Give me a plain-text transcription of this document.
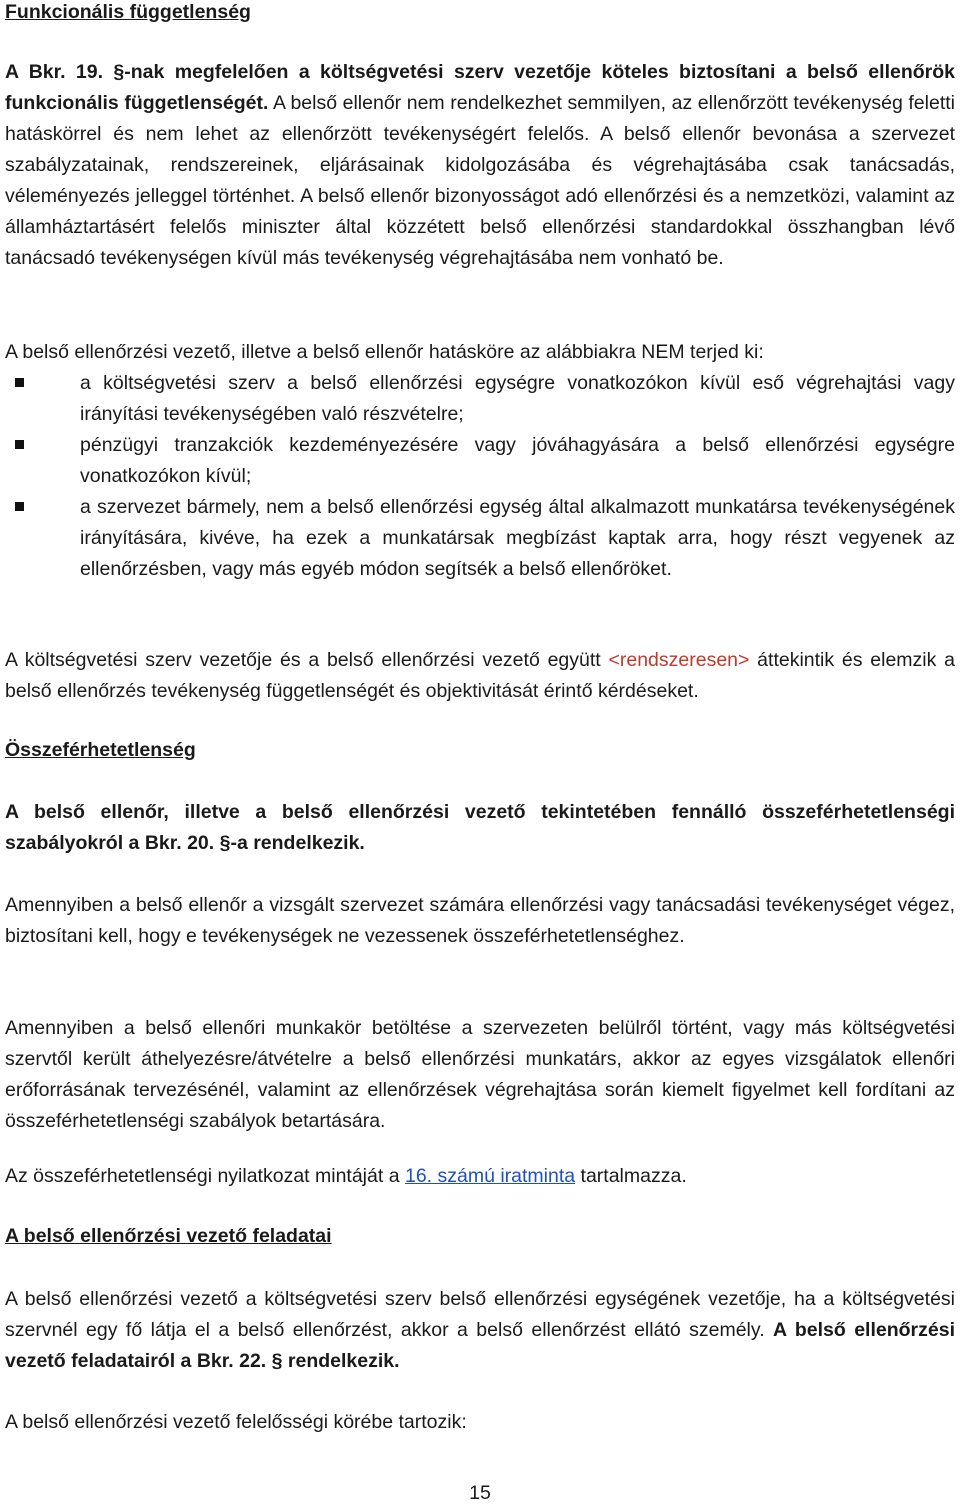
Funkcionális függetlenség

A Bkr. 19. §-nak megfelelően a költségvetési szerv vezetője köteles biztosítani a belső ellenőrök funkcionális függetlenségét. A belső ellenőr nem rendelkezhet semmilyen, az ellenőrzött tevékenység feletti hatáskörrel és nem lehet az ellenőrzött tevékenységért felelős. A belső ellenőr bevonása a szervezet szabályzatainak, rendszereinek, eljárásainak kidolgozásába és végrehajtásába csak tanácsadás, véleményezés jelleggel történhet. A belső ellenőr bizonyosságot adó ellenőrzési és a nemzetközi, valamint az államháztartásért felelős miniszter által közzétett belső ellenőrzési standardokkal összhangban lévő tanácsadó tevékenységen kívül más tevékenység végrehajtásába nem vonható be.

A belső ellenőrzési vezető, illetve a belső ellenőr hatásköre az alábbiakra NEM terjed ki:

a költségvetési szerv a belső ellenőrzési egységre vonatkozókon kívül eső végrehajtási vagy irányítási tevékenységében való részvételre;
pénzügyi tranzakciók kezdeményezésére vagy jóváhagyására a belső ellenőrzési egységre vonatkozókon kívül;
a szervezet bármely, nem a belső ellenőrzési egység által alkalmazott munkatársa tevékenységének irányítására, kivéve, ha ezek a munkatársak megbízást kaptak arra, hogy részt vegyenek az ellenőrzésben, vagy más egyéb módon segítsék a belső ellenőröket.

A költségvetési szerv vezetője és a belső ellenőrzési vezető együtt <rendszeresen> áttekintik és elemzik a belső ellenőrzés tevékenység függetlenségét és objektivitását érintő kérdéseket.

Összeférhetetlenség

A belső ellenőr, illetve a belső ellenőrzési vezető tekintetében fennálló összeférhetetlenségi szabályokról a Bkr. 20. §-a rendelkezik.

Amennyiben a belső ellenőr a vizsgált szervezet számára ellenőrzési vagy tanácsadási tevékenységet végez, biztosítani kell, hogy e tevékenységek ne vezessenek összeférhetetlenséghez.

Amennyiben a belső ellenőri munkakör betöltése a szervezeten belülről történt, vagy más költségvetési szervtől került áthelyezésre/átvételre a belső ellenőrzési munkatárs, akkor az egyes vizsgálatok ellenőri erőforrásának tervezésénél, valamint az ellenőrzések végrehajtása során kiemelt figyelmet kell fordítani az összeférhetetlenségi szabályok betartására.

Az összeférhetetlenségi nyilatkozat mintáját a 16. számú iratminta tartalmazza.

A belső ellenőrzési vezető feladatai

A belső ellenőrzési vezető a költségvetési szerv belső ellenőrzési egységének vezetője, ha a költségvetési szervnél egy fő látja el a belső ellenőrzést, akkor a belső ellenőrzést ellátó személy. A belső ellenőrzési vezető feladatairól a Bkr. 22. § rendelkezik.

A belső ellenőrzési vezető felelősségi körébe tartozik:

15
